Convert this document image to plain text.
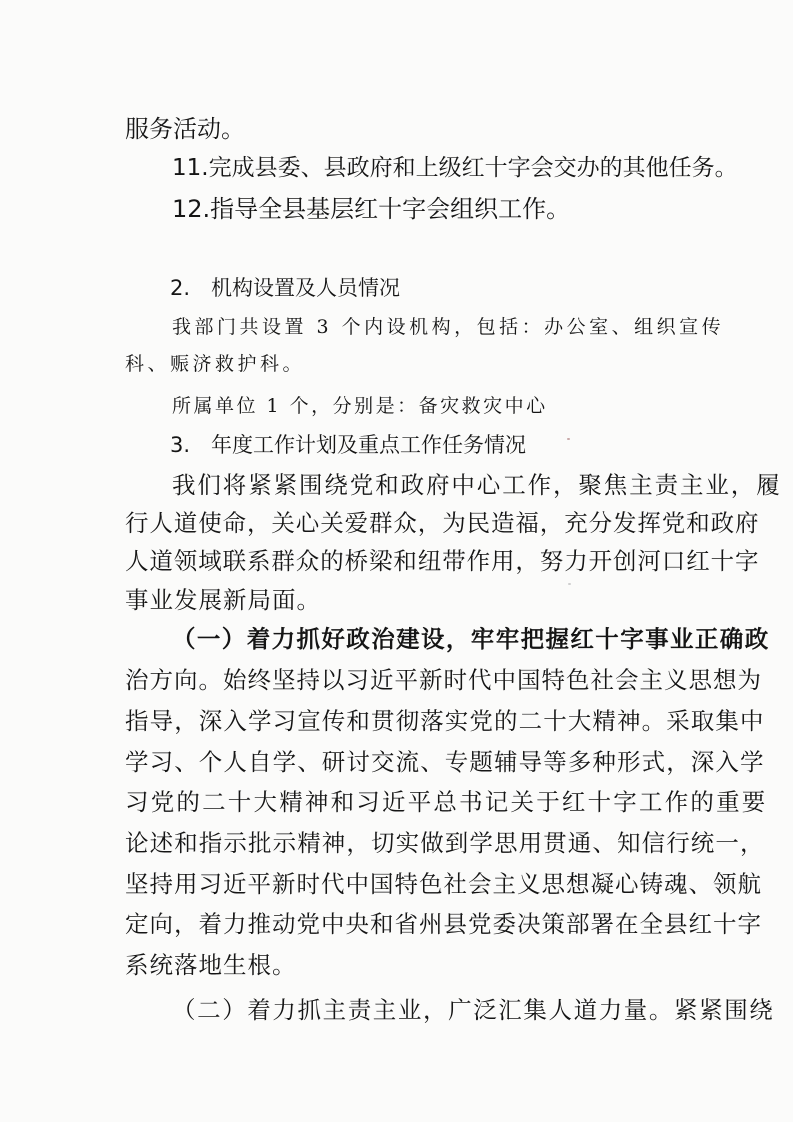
服务活动。
11.完成县委、县政府和上级红十字会交办的其他任务。
12.指导全县基层红十字会组织工作。
2.　机构设置及人员情况
我部门共设置 3 个内设机构，包括：办公室、组织宣传
科、赈济救护科。
所属单位 1 个，分别是：备灾救灾中心
3.　年度工作计划及重点工作任务情况
我们将紧紧围绕党和政府中心工作，聚焦主责主业，履
行人道使命，关心关爱群众，为民造福，充分发挥党和政府
人道领域联系群众的桥梁和纽带作用，努力开创河口红十字
事业发展新局面。
（一）着力抓好政治建设，牢牢把握红十字事业正确政
治方向。始终坚持以习近平新时代中国特色社会主义思想为
指导，深入学习宣传和贯彻落实党的二十大精神。采取集中
学习、个人自学、研讨交流、专题辅导等多种形式，深入学
习党的二十大精神和习近平总书记关于红十字工作的重要
论述和指示批示精神，切实做到学思用贯通、知信行统一，
坚持用习近平新时代中国特色社会主义思想凝心铸魂、领航
定向，着力推动党中央和省州县党委决策部署在全县红十字
系统落地生根。
（二）着力抓主责主业，广泛汇集人道力量。紧紧围绕
